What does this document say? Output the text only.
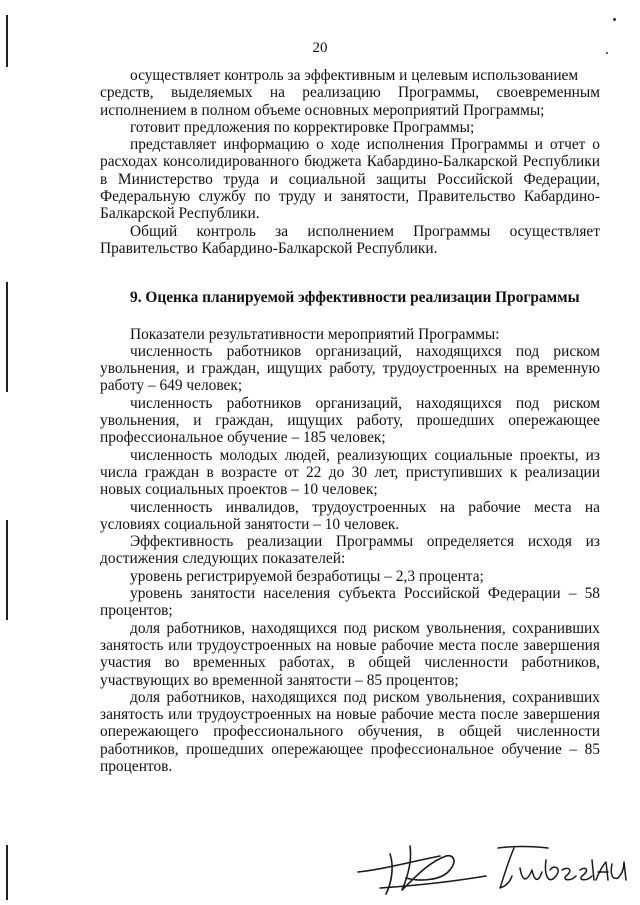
20

осуществляет контроль за эффективным и целевым использованием

средств, выделяемых на реализацию Программы, своевременным исполнением в полном объеме основных мероприятий Программы;

готовит предложения по корректировке Программы;

представляет информацию о ходе исполнения Программы и отчет о расходах консолидированного бюджета Кабардино-Балкарской Республики в Министерство труда и социальной защиты Российской Федерации, Федеральную службу по труду и занятости, Правительство Кабардино-Балкарской Республики.

Общий контроль за исполнением Программы осуществляет Правительство Кабардино-Балкарской Республики.

9. Оценка планируемой эффективности реализации Программы

Показатели результативности мероприятий Программы:

численность работников организаций, находящихся под риском увольнения, и граждан, ищущих работу, трудоустроенных на временную работу – 649 человек;

численность работников организаций, находящихся под риском увольнения, и граждан, ищущих работу, прошедших опережающее профессиональное обучение – 185 человек;

численность молодых людей, реализующих социальные проекты, из числа граждан в возрасте от 22 до 30 лет, приступивших к реализации новых социальных проектов – 10 человек;

численность инвалидов, трудоустроенных на рабочие места на условиях социальной занятости – 10 человек.

Эффективность реализации Программы определяется исходя из достижения следующих показателей:

уровень регистрируемой безработицы – 2,3 процента;

уровень занятости населения субъекта Российской Федерации – 58 процентов;

доля работников, находящихся под риском увольнения, сохранивших занятость или трудоустроенных на новые рабочие места после завершения участия во временных работах, в общей численности работников, участвующих во временной занятости – 85 процентов;

доля работников, находящихся под риском увольнения, сохранивших занятость или трудоустроенных на новые рабочие места после завершения опережающего профессионального обучения, в общей численности работников, прошедших опережающее профессиональное обучение – 85 процентов.
